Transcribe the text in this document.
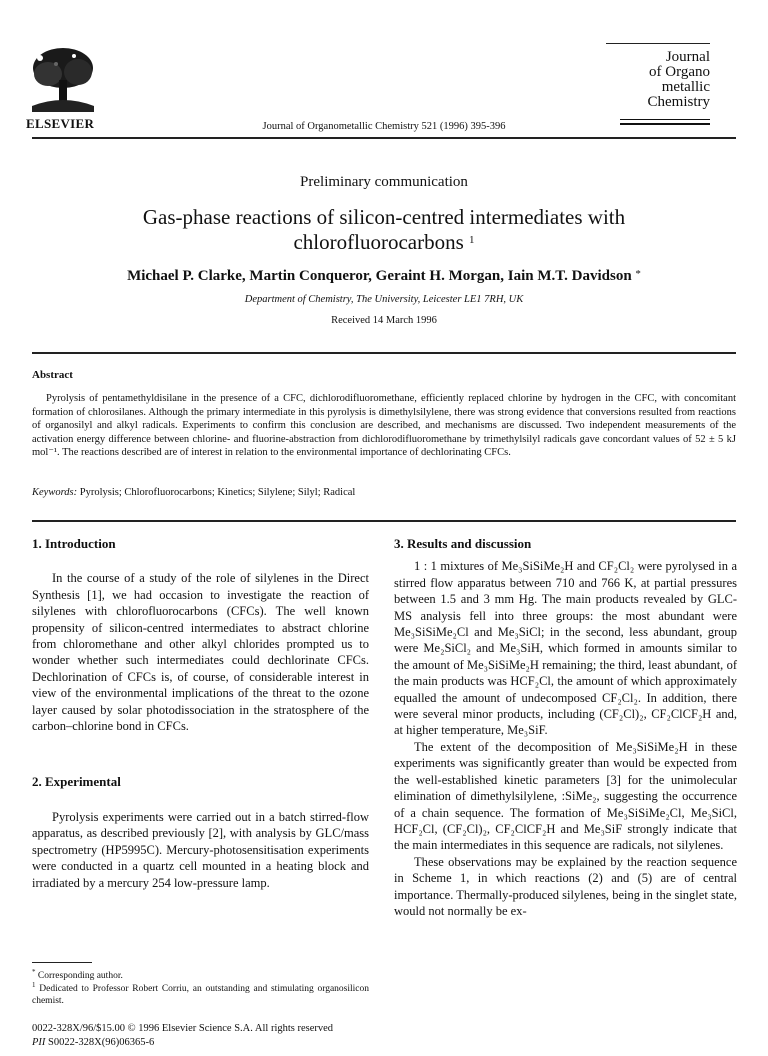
ELSEVIER	Journal of Organometallic Chemistry 521 (1996) 395-396
Journal
of Organo
metallic
Chemistry
Preliminary communication
Gas-phase reactions of silicon-centred intermediates with chlorofluorocarbons $^1$
Michael P. Clarke, Martin Conqueror, Geraint H. Morgan, Iain M.T. Davidson *
Department of Chemistry, The University, Leicester LE1 7RH, UK
Received 14 March 1996
Abstract
Pyrolysis of pentamethyldisilane in the presence of a CFC, dichlorodifluoromethane, efficiently replaced chlorine by hydrogen in the CFC, with concomitant formation of chlorosilanes. Although the primary intermediate in this pyrolysis is dimethylsilylene, there was strong evidence that conversions resulted from reactions of organosilyl and alkyl radicals. Experiments to confirm this conclusion are described, and mechanisms are discussed. Two independent measurements of the activation energy difference between chlorine- and fluorine-abstraction from dichlorodifluoromethane by trimethylsilyl radicals gave concordant values of 52 ± 5 kJ mol⁻¹. The reactions described are of interest in relation to the environmental importance of dechlorinating CFCs.
Keywords: Pyrolysis; Chlorofluorocarbons; Kinetics; Silylene; Silyl; Radical
1. Introduction

In the course of a study of the role of silylenes in the Direct Synthesis [1], we had occasion to investigate the reaction of silylenes with chlorofluorocarbons (CFCs). The well known propensity of silicon-centred intermediates to abstract chlorine from chloromethane and other alkyl chlorides prompted us to wonder whether such intermediates could dechlorinate CFCs. Dechlorination of CFCs is, of course, of considerable interest in view of the environmental implications of the threat to the ozone layer caused by solar photodissociation in the stratosphere of the carbon–chlorine bond in CFCs.

2. Experimental

Pyrolysis experiments were carried out in a batch stirred-flow apparatus, as described previously [2], with analysis by GLC/mass spectrometry (HP5995C). Mercury-photosensitisation experiments were conducted in a quartz cell mounted in a heating block and irradiated by a mercury 254 low-pressure lamp.

3. Results and discussion

1 : 1 mixtures of Me₃SiSiMe₂H and CF₂Cl₂ were pyrolysed in a stirred flow apparatus between 710 and 766 K, at partial pressures between 1.5 and 3 mm Hg. The main products revealed by GLC-MS analysis fell into three groups: the most abundant were Me₃SiSiMe₂Cl and Me₃SiCl; in the second, less abundant, group were Me₂SiCl₂ and Me₃SiH, which formed in amounts similar to the amount of Me₃SiSiMe₂H remaining; the third, least abundant, of the main products was HCF₂Cl, the amount of which approximately equalled the amount of undecomposed CF₂Cl₂. In addition, there were several minor products, including (CF₂Cl)₂, CF₂ClCF₂H and, at higher temperature, Me₃SiF.

The extent of the decomposition of Me₃SiSiMe₂H in these experiments was significantly greater than would be expected from the well-established kinetic parameters [3] for the unimolecular elimination of dimethylsilylene, :SiMe₂, suggesting the occurrence of a chain sequence. The formation of Me₃SiSiMe₂Cl, Me₃SiCl, HCF₂Cl, (CF₂Cl)₂, CF₂ClCF₂H and Me₃SiF strongly indicate that the main intermediates in this sequence are radicals, not silylenes.

These observations may be explained by the reaction sequence in Scheme 1, in which reactions (2) and (5) are of central importance. Thermally-produced silylenes, being in the singlet state, would not normally be ex-

* Corresponding author.
$^1$ Dedicated to Professor Robert Corriu, an outstanding and stimulating organosilicon chemist.
0022-328X/96/$15.00 © 1996 Elsevier Science S.A. All rights reserved
PII S0022-328X(96)06365-6
